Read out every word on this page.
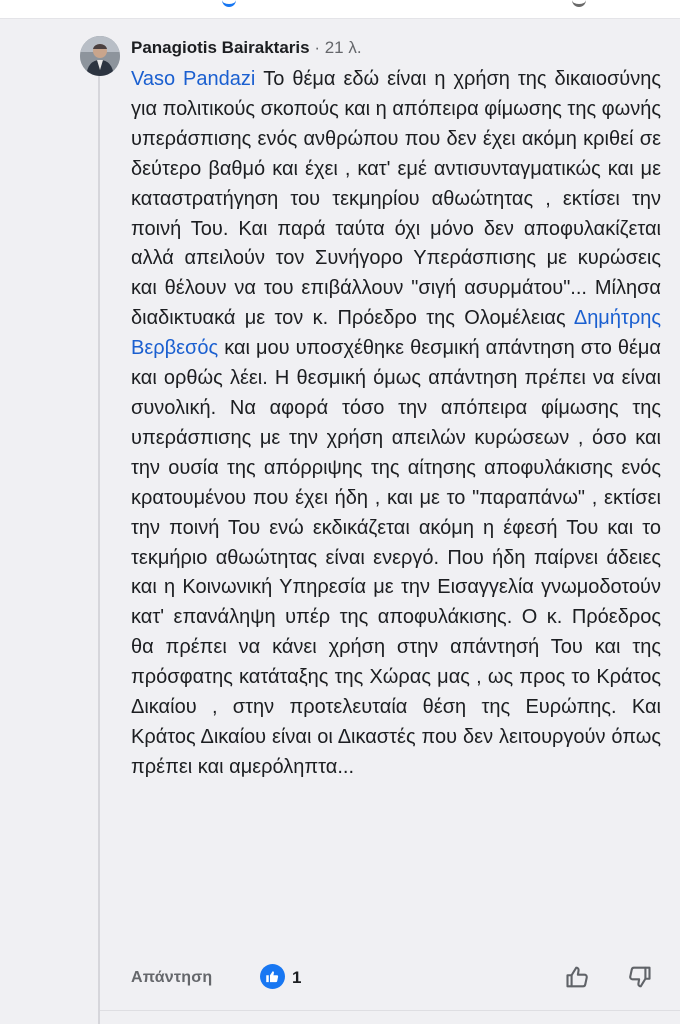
Panagiotis Bairaktaris · 21 λ.
Vaso Pandazi Το θέμα εδώ είναι η χρήση της δικαιοσύνης για πολιτικούς σκοπούς και η απόπειρα φίμωσης της φωνής υπεράσπισης ενός ανθρώπου που δεν έχει ακόμη κριθεί σε δεύτερο βαθμό και έχει , κατ' εμέ αντισυνταγματικώς και με καταστρατήγηση του τεκμηρίου αθωώτητας , εκτίσει την ποινή Του. Και παρά ταύτα όχι μόνο δεν αποφυλακίζεται αλλά απειλούν τον Συνήγορο Υπεράσπισης με κυρώσεις και θέλουν να του επιβάλλουν "σιγή ασυρμάτου"... Μίλησα διαδικτυακά με τον κ. Πρόεδρο της Ολομέλειας Δημήτρης Βερβεσός και μου υποσχέθηκε θεσμική απάντηση στο θέμα και ορθώς λέει. Η θεσμική όμως απάντηση πρέπει να είναι συνολική. Να αφορά τόσο την απόπειρα φίμωσης της υπεράσπισης με την χρήση απειλών κυρώσεων , όσο και την ουσία της απόρριψης της αίτησης αποφυλάκισης ενός κρατουμένου που έχει ήδη , και με το "παραπάνω" , εκτίσει την ποινή Του ενώ εκδικάζεται ακόμη η έφεσή Του και το τεκμήριο αθωώτητας είναι ενεργό. Που ήδη παίρνει άδειες και η Κοινωνική Υπηρεσία με την Εισαγγελία γνωμοδοτούν κατ' επανάληψη υπέρ της αποφυλάκισης. Ο κ. Πρόεδρος θα πρέπει να κάνει χρήση στην απάντησή Του και της πρόσφατης κατάταξης της Χώρας μας , ως προς το Κράτος Δικαίου , στην προτελευταία θέση της Ευρώπης. Και Κράτος Δικαίου είναι οι Δικαστές που δεν λειτουργούν όπως πρέπει και αμερόληπτα...
Απάντηση	1
